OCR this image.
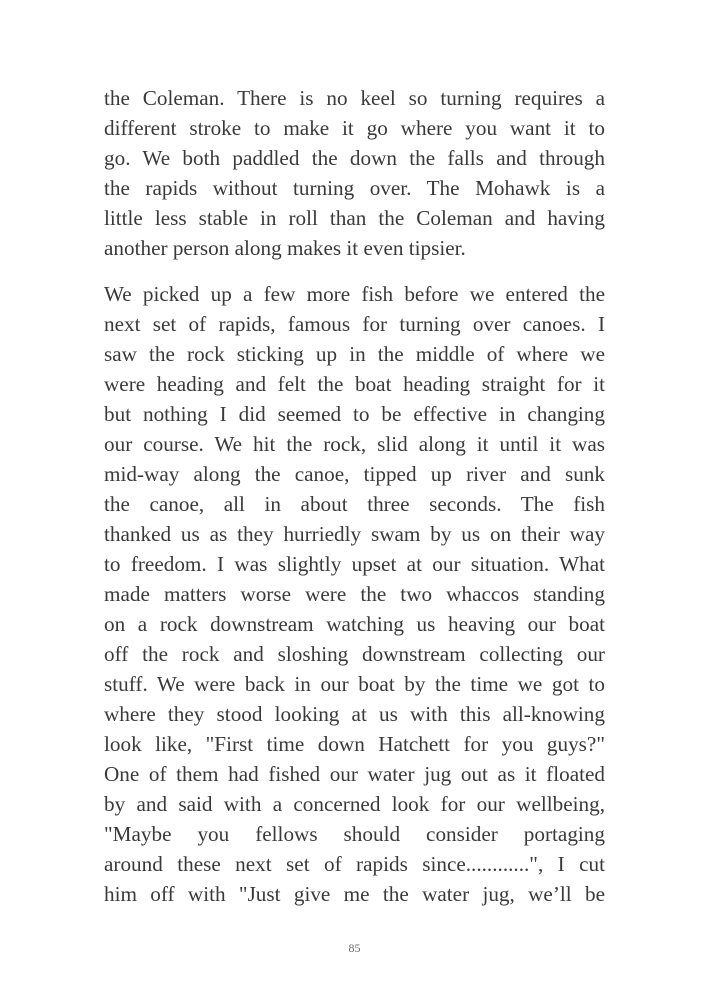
the Coleman. There is no keel so turning requires a
different stroke to make it go where you want it to
go. We both paddled the down the falls and through
the rapids without turning over. The Mohawk is a
little less stable in roll than the Coleman and having
another person along makes it even tipsier.
We picked up a few more fish before we entered the
next set of rapids, famous for turning over canoes. I
saw the rock sticking up in the middle of where we
were heading and felt the boat heading straight for it
but nothing I did seemed to be effective in changing
our course. We hit the rock, slid along it until it was
mid-way along the canoe, tipped up river and sunk
the canoe, all in about three seconds. The fish
thanked us as they hurriedly swam by us on their way
to freedom. I was slightly upset at our situation. What
made matters worse were the two whaccos standing
on a rock downstream watching us heaving our boat
off the rock and sloshing downstream collecting our
stuff. We were back in our boat by the time we got to
where they stood looking at us with this all-knowing
look like, "First time down Hatchett for you guys?"
One of them had fished our water jug out as it floated
by and said with a concerned look for our wellbeing,
"Maybe you fellows should consider portaging
around these next set of rapids since............", I cut
him off with "Just give me the water jug, we’ll be
85
